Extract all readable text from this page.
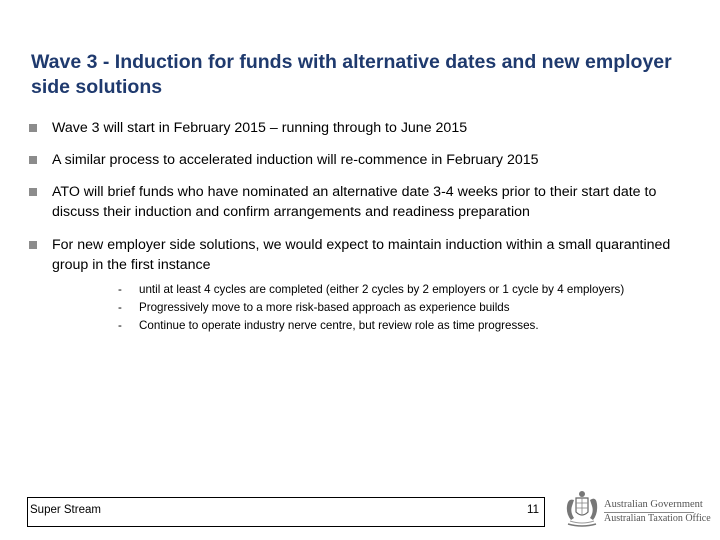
Wave 3 - Induction for funds with alternative dates and new employer side solutions
Wave 3 will start in February 2015 – running through to June 2015
A similar process to accelerated induction will re-commence in February 2015
ATO will brief funds who have nominated an alternative date 3-4 weeks prior to their start date to discuss their induction and confirm arrangements and readiness preparation
For new employer side solutions, we would expect to maintain induction within a small quarantined group in the first instance
- until at least 4 cycles are completed (either 2 cycles by 2 employers or 1 cycle by 4 employers)
- Progressively move to a more risk-based approach as experience builds
- Continue to operate industry nerve centre, but review role as time progresses.
Super Stream	11	Australian Government
Australian Taxation Office
